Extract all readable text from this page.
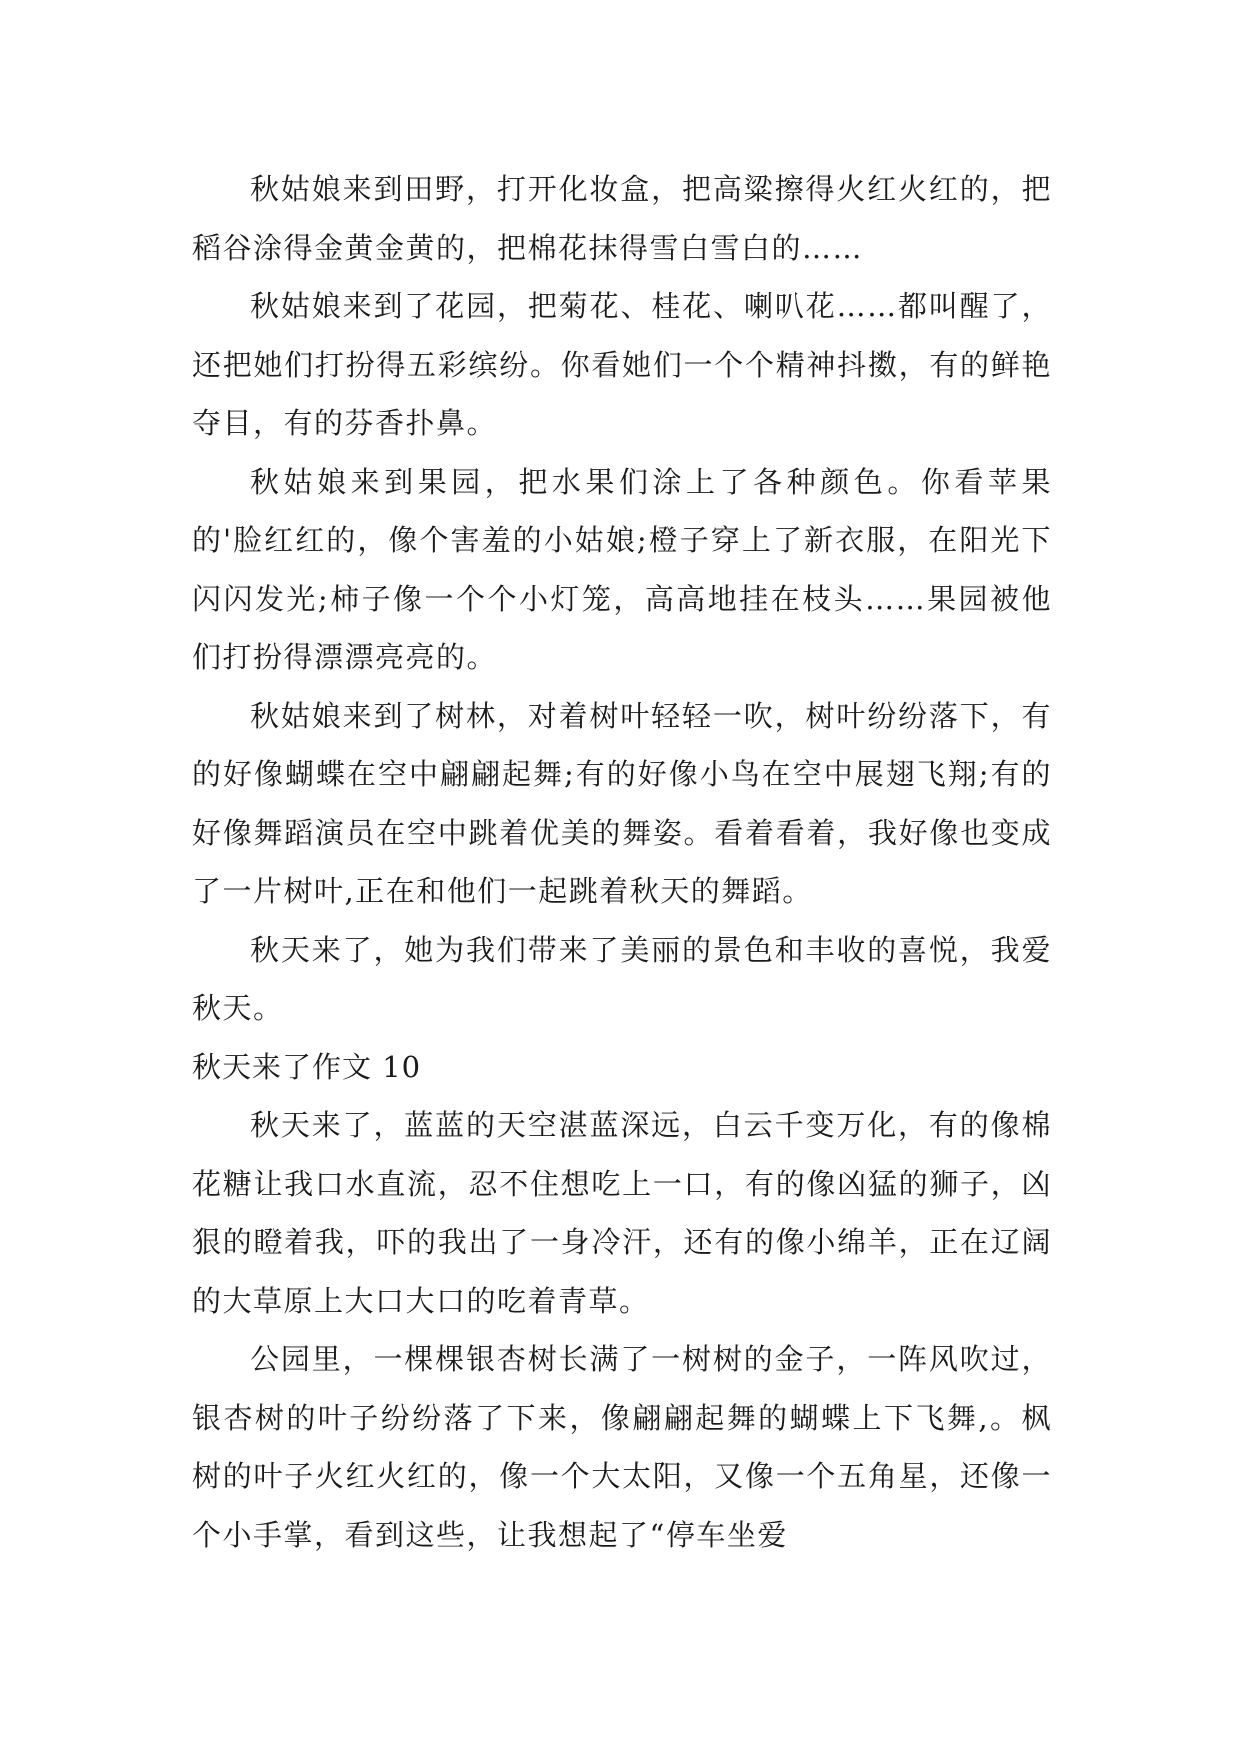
秋姑娘来到田野，打开化妆盒，把高粱擦得火红火红的，把稻谷涂得金黄金黄的，把棉花抹得雪白雪白的……

秋姑娘来到了花园，把菊花、桂花、喇叭花……都叫醒了，还把她们打扮得五彩缤纷。你看她们一个个精神抖擞，有的鲜艳夺目，有的芬香扑鼻。

秋姑娘来到果园，把水果们涂上了各种颜色。你看苹果的'脸红红的，像个害羞的小姑娘;橙子穿上了新衣服，在阳光下闪闪发光;柿子像一个个小灯笼，高高地挂在枝头……果园被他们打扮得漂漂亮亮的。

秋姑娘来到了树林，对着树叶轻轻一吹，树叶纷纷落下，有的好像蝴蝶在空中翩翩起舞;有的好像小鸟在空中展翅飞翔;有的好像舞蹈演员在空中跳着优美的舞姿。看着看着，我好像也变成了一片树叶,正在和他们一起跳着秋天的舞蹈。

秋天来了，她为我们带来了美丽的景色和丰收的喜悦，我爱秋天。

秋天来了作文 10

秋天来了，蓝蓝的天空湛蓝深远，白云千变万化，有的像棉花糖让我口水直流，忍不住想吃上一口，有的像凶猛的狮子，凶狠的瞪着我，吓的我出了一身冷汗，还有的像小绵羊，正在辽阔的大草原上大口大口的吃着青草。

公园里，一棵棵银杏树长满了一树树的金子，一阵风吹过，银杏树的叶子纷纷落了下来，像翩翩起舞的蝴蝶上下飞舞,。枫树的叶子火红火红的，像一个大太阳，又像一个五角星，还像一个小手掌，看到这些，让我想起了“停车坐爱
